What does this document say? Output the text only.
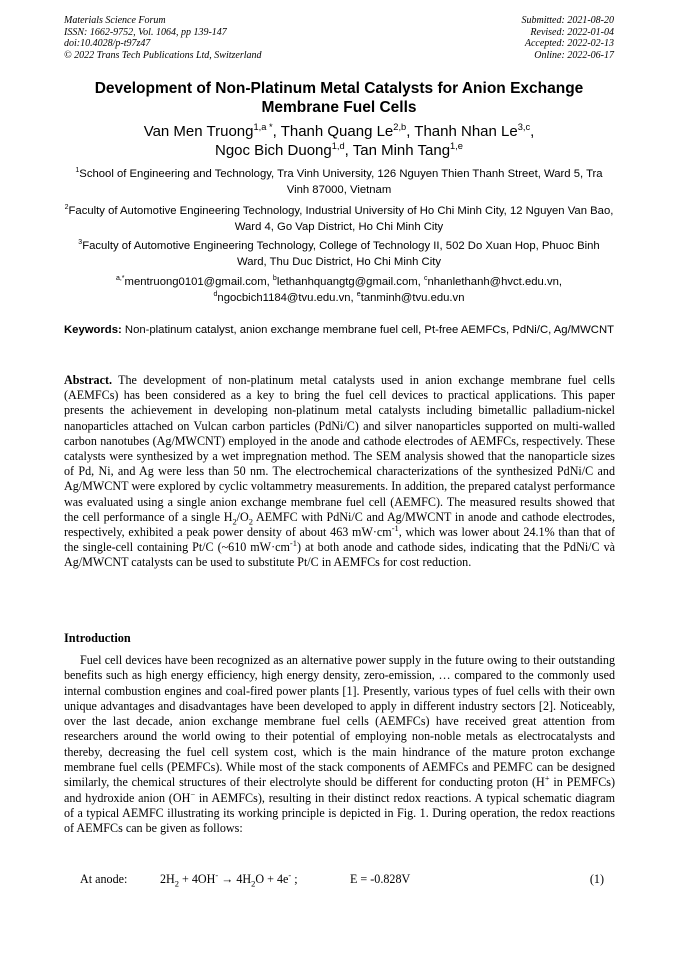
Materials Science Forum
ISSN: 1662-9752, Vol. 1064, pp 139-147
doi:10.4028/p-t97z47
© 2022 Trans Tech Publications Ltd, Switzerland
Submitted: 2021-08-20
Revised: 2022-01-04
Accepted: 2022-02-13
Online: 2022-06-17
Development of Non-Platinum Metal Catalysts for Anion Exchange Membrane Fuel Cells
Van Men Truong$^{1,a *}$, Thanh Quang Le$^{2,b}$, Thanh Nhan Le$^{3,c}$,
Ngoc Bich Duong$^{1,d}$, Tan Minh Tang$^{1,e}$
$^1$School of Engineering and Technology, Tra Vinh University, 126 Nguyen Thien Thanh Street, Ward 5, Tra Vinh 87000, Vietnam
$^2$Faculty of Automotive Engineering Technology, Industrial University of Ho Chi Minh City, 12 Nguyen Van Bao, Ward 4, Go Vap District, Ho Chi Minh City
$^3$Faculty of Automotive Engineering Technology, College of Technology II, 502 Do Xuan Hop, Phuoc Binh Ward, Thu Duc District, Ho Chi Minh City
$^{a,*}$mentruong0101@gmail.com, $^b$lethanhquangtg@gmail.com, $^c$nhanlethanh@hvct.edu.vn,
$^d$ngocbich1184@tvu.edu.vn, $^e$tanminh@tvu.edu.vn
Keywords: Non-platinum catalyst, anion exchange membrane fuel cell, Pt-free AEMFCs, PdNi/C, Ag/MWCNT
Abstract. The development of non-platinum metal catalysts used in anion exchange membrane fuel cells (AEMFCs) has been considered as a key to bring the fuel cell devices to practical applications. This paper presents the achievement in developing non-platinum metal catalysts including bimetallic palladium-nickel nanoparticles attached on Vulcan carbon particles (PdNi/C) and silver nanoparticles supported on multi-walled carbon nanotubes (Ag/MWCNT) employed in the anode and cathode electrodes of AEMFCs, respectively. These catalysts were synthesized by a wet impregnation method. The SEM analysis showed that the nanoparticle sizes of Pd, Ni, and Ag were less than 50 nm. The electrochemical characterizations of the synthesized PdNi/C and Ag/MWCNT were explored by cyclic voltammetry measurements. In addition, the prepared catalyst performance was evaluated using a single anion exchange membrane fuel cell (AEMFC). The measured results showed that the cell performance of a single $H_2/O_2$ AEMFC with PdNi/C and Ag/MWCNT in anode and cathode electrodes, respectively, exhibited a peak power density of about 463 $mW\cdot cm^{-1}$, which was lower about 24.1% than that of the single-cell containing Pt/C (~610 $mW\cdot cm^{-1}$) at both anode and cathode sides, indicating that the PdNi/C và Ag/MWCNT catalysts can be used to substitute Pt/C in AEMFCs for cost reduction.
Introduction
Fuel cell devices have been recognized as an alternative power supply in the future owing to their outstanding benefits such as high energy efficiency, high energy density, zero-emission, … compared to the commonly used internal combustion engines and coal-fired power plants [1]. Presently, various types of fuel cells with their own unique advantages and disadvantages have been developed to apply in different industry sectors [2]. Noticeably, over the last decade, anion exchange membrane fuel cells (AEMFCs) have received great attention from researchers around the world owing to their potential of employing non-noble metals as electrocatalysts and thereby, decreasing the fuel cell system cost, which is the main hindrance of the mature proton exchange membrane fuel cells (PEMFCs). While most of the stack components of AEMFCs and PEMFC can be designed similarly, the chemical structures of their electrolyte should be different for conducting proton (H+ in PEMFCs) and hydroxide anion (OH− in AEMFCs), resulting in their distinct redox reactions. A typical schematic diagram of a typical AEMFC illustrating its working principle is depicted in Fig. 1. During operation, the redox reactions of AEMFCs can be given as follows:
At anode:	$2H_2 + 4OH^- \to 4H_2O + 4e^-$ ;	E = -0.828V	(1)
